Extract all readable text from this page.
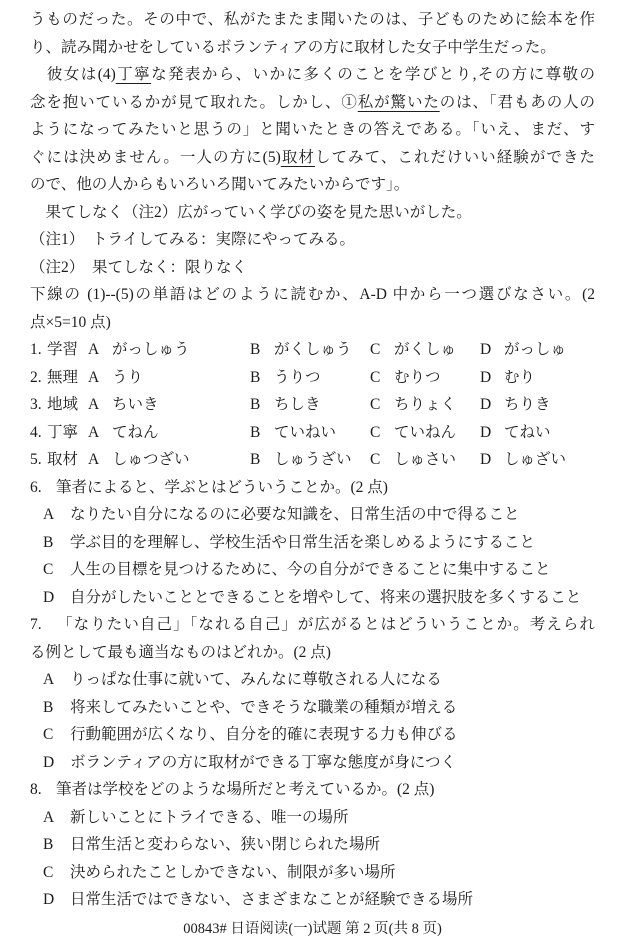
うものだった。その中で、私がたまたま聞いたのは、子どものために絵本を作
り、読み聞かせをしているボランティアの方に取材した女子中学生だった。
　彼女は(4)丁寧な発表から、いかに多くのことを学びとり,その方に尊敬の
念を抱いているかが見て取れた。しかし、①私が驚いたのは、「君もあの人の
ようになってみたいと思うの」と聞いたときの答えである。「いえ、まだ、す
ぐには決めません。一人の方に(5)取材してみて、これだけいい経験ができた
ので、他の人からもいろいろ聞いてみたいからです」。
　果てしなく（注2）広がっていく学びの姿を見た思いがした。
（注1）　トライしてみる：実際にやってみる。
（注2）　果てしなく：限りなく
下線の (1)--(5)の単語はどのように読むか、A-D 中から一つ選びなさい。(2
点×5=10 点)
1. 学習 A がっしゅう	B がくしゅう C がくしゅ D がっしゅ
2. 無理 A うり	B うりつ	C むりつ	D むり
3. 地域 A ちいき	B ちしき	C ちりょく D ちりき
4. 丁寧 A てねん	B ていねい C ていねん D てねい
5. 取材 A しゅつざい	B しゅうざい C しゅさい D しゅざい
6. 筆者によると、学ぶとはどういうことか。(2 点)
A	なりたい自分になるのに必要な知識を、日常生活の中で得ること
B	学ぶ目的を理解し、学校生活や日常生活を楽しめるようにすること
C	人生の目標を見つけるために、今の自分ができることに集中すること
D	自分がしたいこととできることを増やして、将来の選択肢を多くすること
7. 「なりたい自己」「なれる自己」が広がるとはどういうことか。考えられ
る例として最も適当なものはどれか。(2 点)
A	りっぱな仕事に就いて、みんなに尊敬される人になる
B	将来してみたいことや、できそうな職業の種類が増える
C	行動範囲が広くなり、自分を的確に表現する力も伸びる
D	ボランティアの方に取材ができる丁寧な態度が身につく
8. 筆者は学校をどのような場所だと考えているか。(2 点)
A	新しいことにトライできる、唯一の場所
B	日常生活と変わらない、狭い閉じられた場所
C	決められたことしかできない、制限が多い場所
D	日常生活ではできない、さまざまなことが経験できる場所
00843# 日语阅读(一)试题 第 2 页(共 8 页)
